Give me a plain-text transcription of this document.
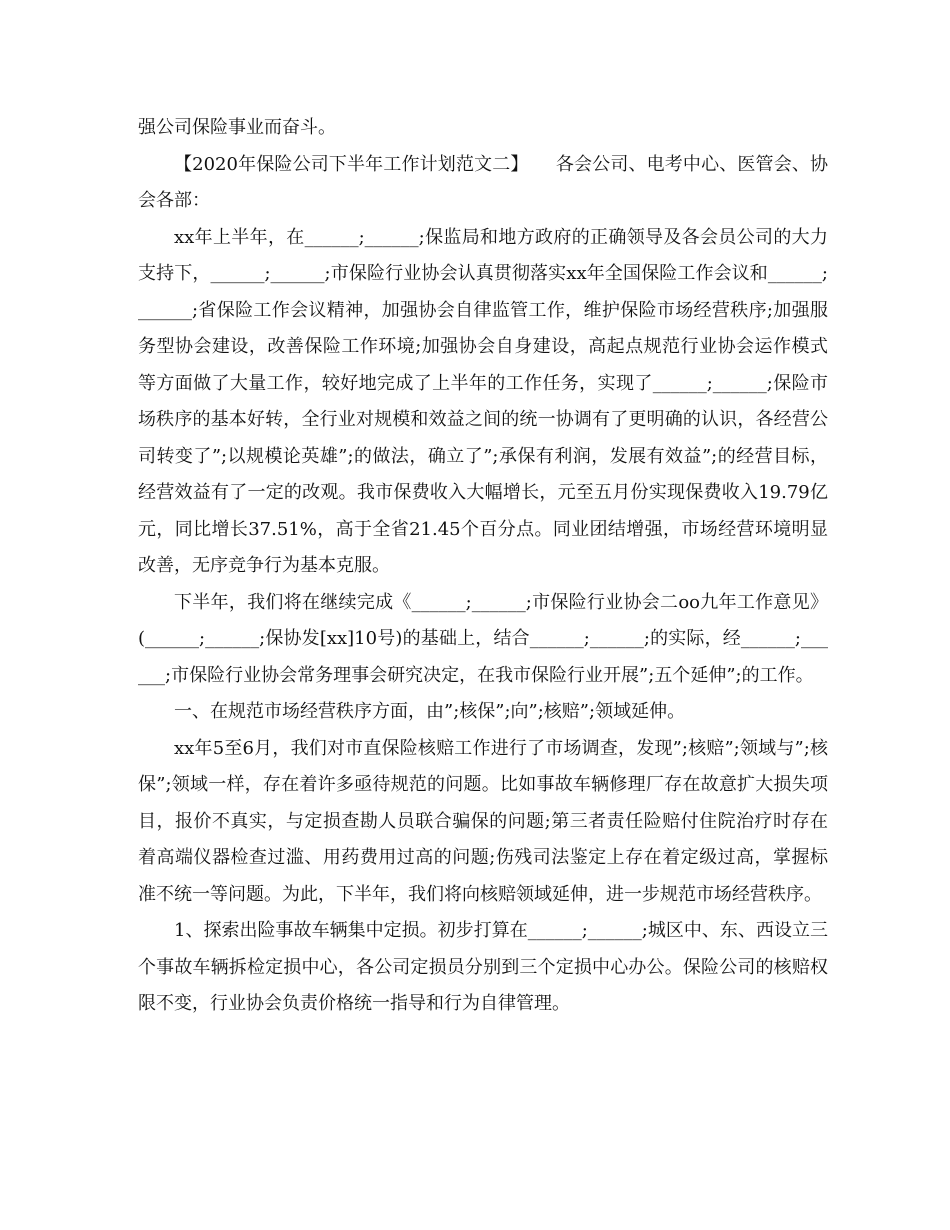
强公司保险事业而奋斗。

【2020年保险公司下半年工作计划范文二】　　各会公司、电考中心、医管会、协会各部：

xx年上半年，在______;______;保监局和地方政府的正确领导及各会员公司的大力支持下，______;______;市保险行业协会认真贯彻落实xx年全国保险工作会议和______;______;省保险工作会议精神，加强协会自律监管工作，维护保险市场经营秩序;加强服务型协会建设，改善保险工作环境;加强协会自身建设，高起点规范行业协会运作模式等方面做了大量工作，较好地完成了上半年的工作任务，实现了______;______;保险市场秩序的基本好转，全行业对规模和效益之间的统一协调有了更明确的认识，各经营公司转变了”;以规模论英雄”;的做法，确立了”;承保有利润，发展有效益”;的经营目标，经营效益有了一定的改观。我市保费收入大幅增长，元至五月份实现保费收入19.79亿元，同比增长37.51%，高于全省21.45个百分点。同业团结增强，市场经营环境明显改善，无序竞争行为基本克服。

下半年，我们将在继续完成《______;______;市保险行业协会二oo九年工作意见》(______;______;保协发[xx]10号)的基础上，结合______;______;的实际，经______;______;市保险行业协会常务理事会研究决定，在我市保险行业开展”;五个延伸”;的工作。

一、在规范市场经营秩序方面，由”;核保”;向”;核赔”;领域延伸。

xx年5至6月，我们对市直保险核赔工作进行了市场调查，发现”;核赔”;领域与”;核保”;领域一样，存在着许多亟待规范的问题。比如事故车辆修理厂存在故意扩大损失项目，报价不真实，与定损查勘人员联合骗保的问题;第三者责任险赔付住院治疗时存在着高端仪器检查过滥、用药费用过高的问题;伤残司法鉴定上存在着定级过高，掌握标准不统一等问题。为此，下半年，我们将向核赔领域延伸，进一步规范市场经营秩序。

1、探索出险事故车辆集中定损。初步打算在______;______;城区中、东、西设立三个事故车辆拆检定损中心，各公司定损员分别到三个定损中心办公。保险公司的核赔权限不变，行业协会负责价格统一指导和行为自律管理。
